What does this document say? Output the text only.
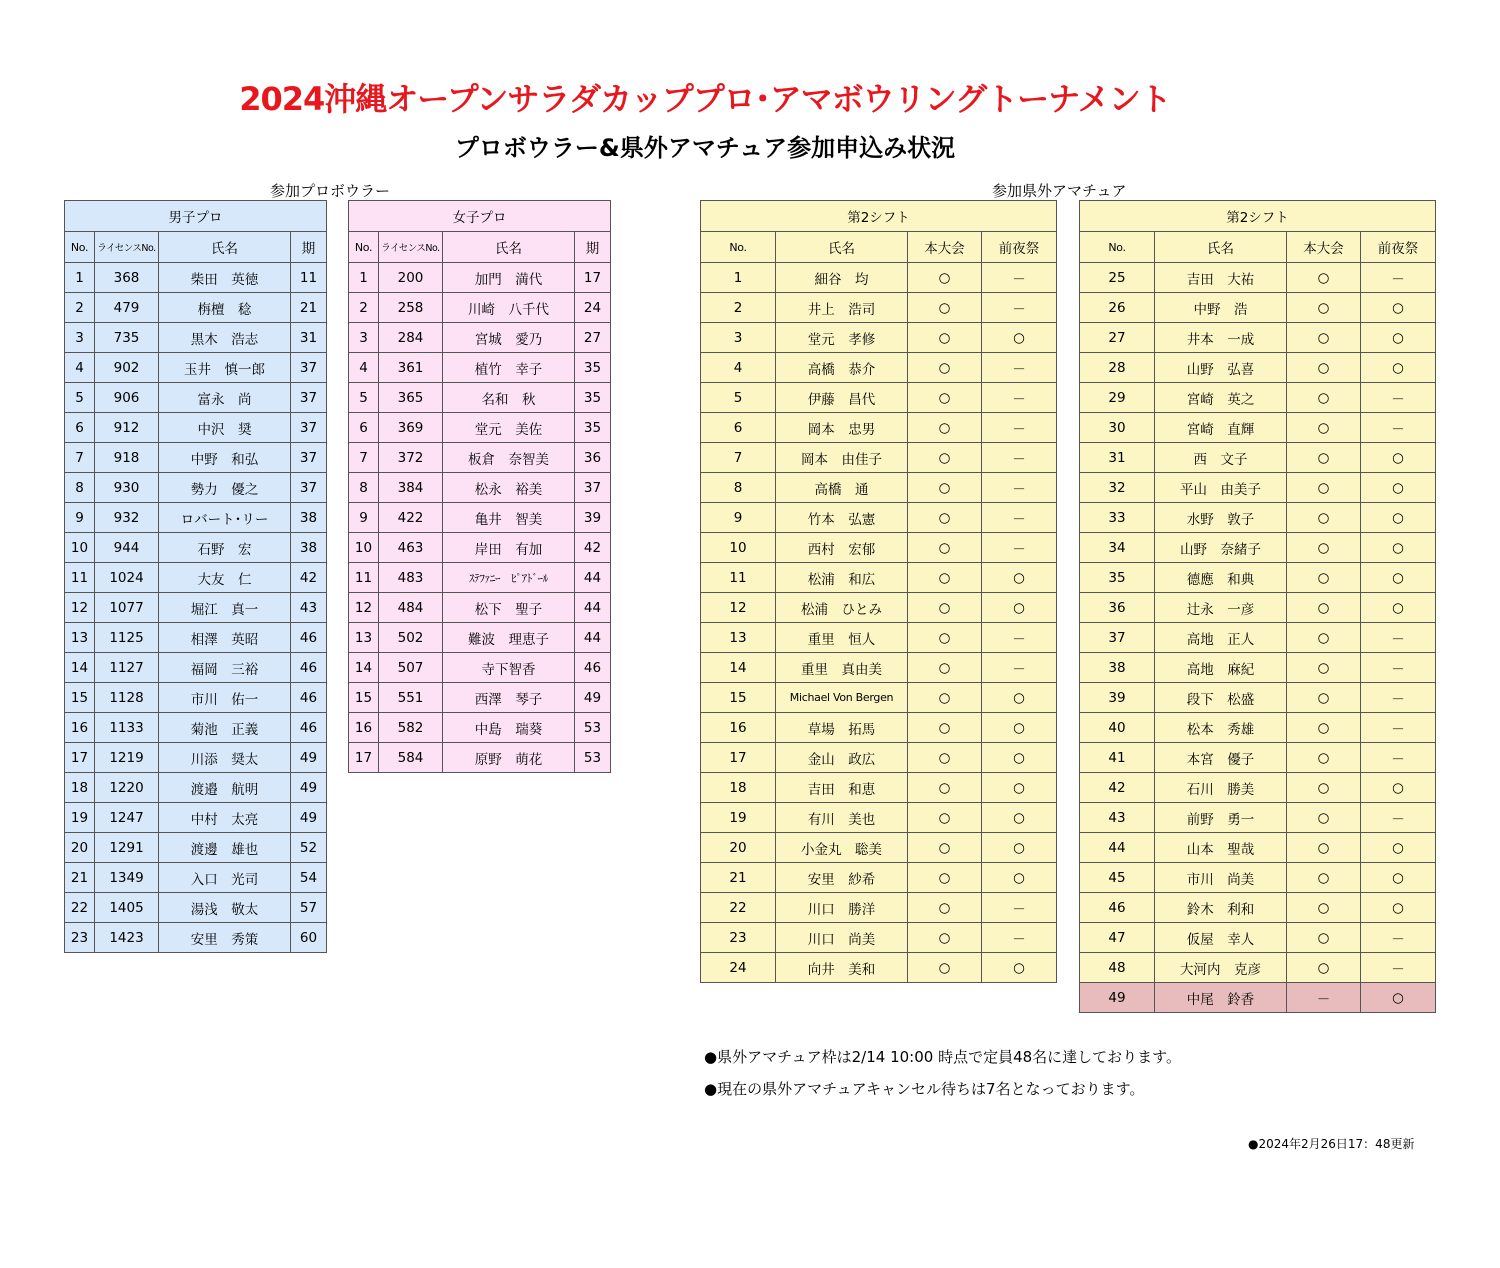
2024沖縄オープンサラダカッププロ･アマボウリングトーナメント
プロボウラー&県外アマチュア参加申込み状況
参加プロボウラー	参加県外アマチュア
男子プロ			
No.	ライセンスNo.	氏名	期
1	368	柴田　英徳	11
2	479	栴檀　稔	21
3	735	黒木　浩志	31
4	902	玉井　慎一郎	37
5	906	富永　尚	37
6	912	中沢　奨	37
7	918	中野　和弘	37
8	930	勢力　優之	37
9	932	ロバート･リー	38
10	944	石野　宏	38
11	1024	大友　仁	42
12	1077	堀江　真一	43
13	1125	相澤　英昭	46
14	1127	福岡　三裕	46
15	1128	市川　佑一	46
16	1133	菊池　正義	46
17	1219	川添　奨太	49
18	1220	渡邉　航明	49
19	1247	中村　太亮	49
20	1291	渡邊　雄也	52
21	1349	入口　光司	54
22	1405	湯浅　敬太	57
23	1423	安里　秀策	60
女子プロ			
No.	ライセンスNo.	氏名	期
1	200	加門　満代	17
2	258	川崎　八千代	24
3	284	宮城　愛乃	27
4	361	植竹　幸子	35
5	365	名和　秋	35
6	369	堂元　美佐	35
7	372	板倉　奈智美	36
8	384	松永　裕美	37
9	422	亀井　智美	39
10	463	岸田　有加	42
11	483	ｽﾃﾌｧﾆｰ　ﾋﾟｱﾄﾞｰﾙ	44
12	484	松下　聖子	44
13	502	難波　理恵子	44
14	507	寺下智香	46
15	551	西澤　琴子	49
16	582	中島　瑞葵	53
17	584	原野　萌花	53
第2シフト			
No.	氏名	本大会	前夜祭
1	細谷　均	○	－
2	井上　浩司	○	－
3	堂元　孝修	○	○
4	高橋　恭介	○	－
5	伊藤　昌代	○	－
6	岡本　忠男	○	－
7	岡本　由佳子	○	－
8	高橋　通	○	－
9	竹本　弘憲	○	－
10	西村　宏郁	○	－
11	松浦　和広	○	○
12	松浦　ひとみ	○	○
13	重里　恒人	○	－
14	重里　真由美	○	－
15	Michael Von Bergen	○	○
16	草場　拓馬	○	○
17	金山　政広	○	○
18	吉田　和恵	○	○
19	有川　美也	○	○
20	小金丸　聡美	○	○
21	安里　紗希	○	○
22	川口　勝洋	○	－
23	川口　尚美	○	－
24	向井　美和	○	○
第2シフト			
No.	氏名	本大会	前夜祭
25	吉田　大祐	○	－
26	中野　浩	○	○
27	井本　一成	○	○
28	山野　弘喜	○	○
29	宮崎　英之	○	－
30	宮崎　直輝	○	－
31	西　文子	○	○
32	平山　由美子	○	○
33	水野　敦子	○	○
34	山野　奈緒子	○	○
35	德應　和典	○	○
36	辻永　一彦	○	○
37	高地　正人	○	－
38	高地　麻紀	○	－
39	段下　松盛	○	－
40	松本　秀雄	○	－
41	本宮　優子	○	－
42	石川　勝美	○	○
43	前野　勇一	○	－
44	山本　聖哉	○	○
45	市川　尚美	○	○
46	鈴木　利和	○	○
47	仮屋　幸人	○	－
48	大河内　克彦	○	－
49	中尾　鈴香	－	○
●県外アマチュア枠は2/14 10:00 時点で定員48名に達しております。
●現在の県外アマチュアキャンセル待ちは7名となっております。
●2024年2月26日17：48更新
